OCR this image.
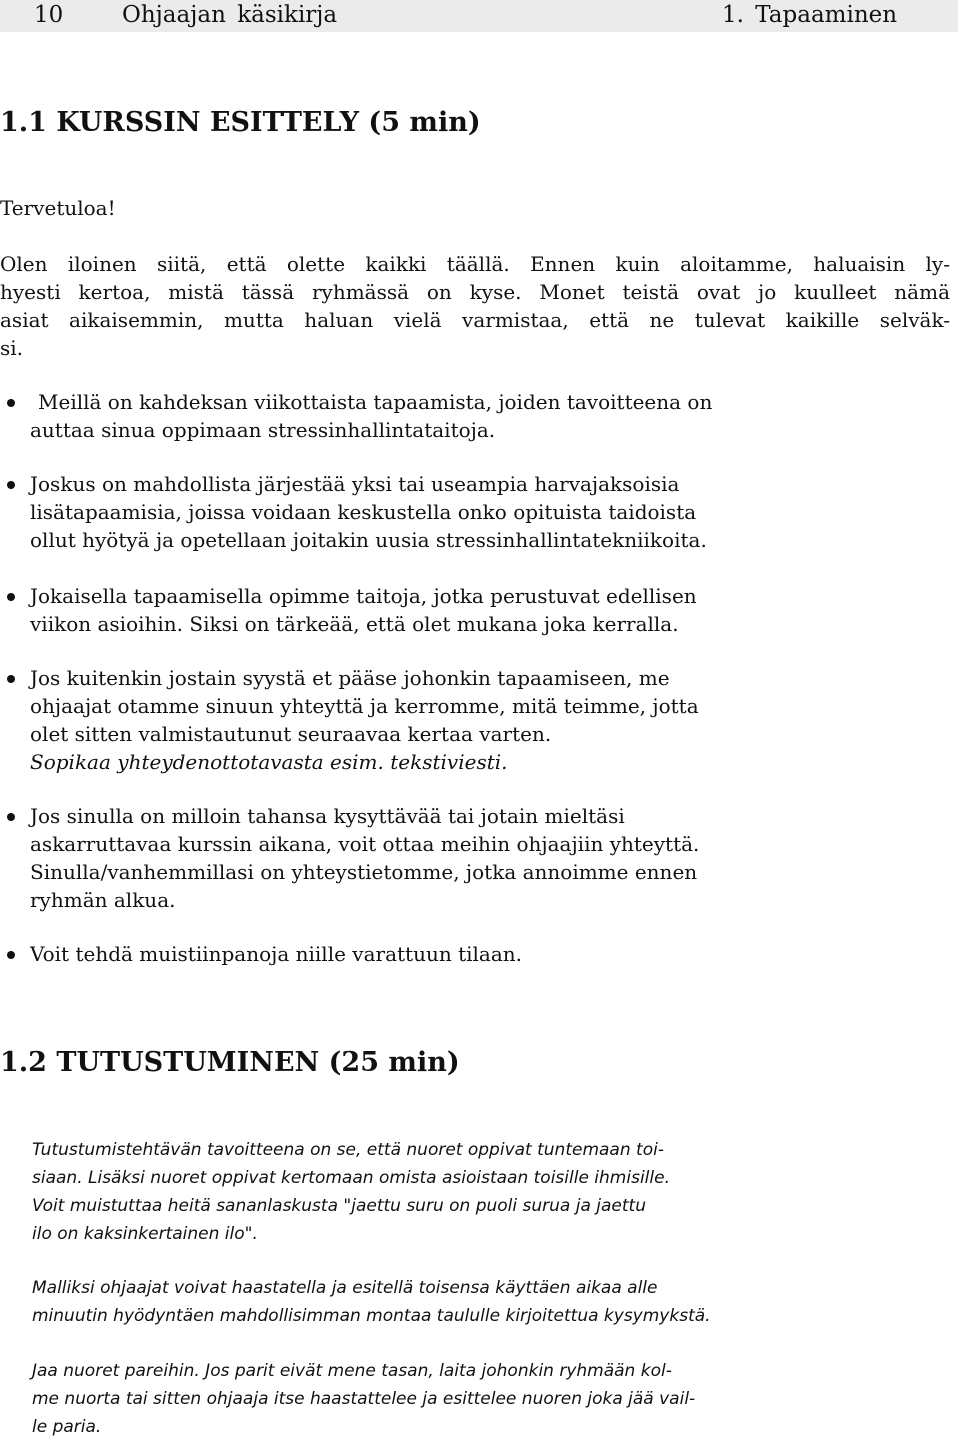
10	Ohjaajan käsikirja	1. Tapaaminen
1.1 KURSSIN ESITTELY (5 min)

Tervetuloa!

Olen iloinen siitä, että olette kaikki täällä. Ennen kuin aloitamme, haluaisin ly-
hyesti kertoa, mistä tässä ryhmässä on kyse. Monet teistä ovat jo kuulleet nämä
asiat aikaisemmin, mutta haluan vielä varmistaa, että ne tulevat kaikille selväk-
si.

Meillä on kahdeksan viikottaista tapaamista, joiden tavoitteena on
auttaa sinua oppimaan stressinhallintataitoja.
Joskus on mahdollista järjestää yksi tai useampia harvajaksoisia
lisätapaamisia, joissa voidaan keskustella onko opituista taidoista
ollut hyötyä ja opetellaan joitakin uusia stressinhallintatekniikoita.
Jokaisella tapaamisella opimme taitoja, jotka perustuvat edellisen
viikon asioihin. Siksi on tärkeää, että olet mukana joka kerralla.
Jos kuitenkin jostain syystä et pääse johonkin tapaamiseen, me
ohjaajat otamme sinuun yhteyttä ja kerromme, mitä teimme, jotta
olet sitten valmistautunut seuraavaa kertaa varten.
Sopikaa yhteydenottotavasta esim. tekstiviesti.
Jos sinulla on milloin tahansa kysyttävää tai jotain mieltäsi
askarruttavaa kurssin aikana, voit ottaa meihin ohjaajiin yhteyttä.
Sinulla/vanhemmillasi on yhteystietomme, jotka annoimme ennen
ryhmän alkua.
Voit tehdä muistiinpanoja niille varattuun tilaan.
1.2 TUTUSTUMINEN (25 min)
Tutustumistehtävän tavoitteena on se, että nuoret oppivat tuntemaan toi-
siaan. Lisäksi nuoret oppivat kertomaan omista asioistaan toisille ihmisille.
Voit muistuttaa heitä sananlaskusta "jaettu suru on puoli surua ja jaettu
ilo on kaksinkertainen ilo".
Malliksi ohjaajat voivat haastatella ja esitellä toisensa käyttäen aikaa alle
minuutin hyödyntäen mahdollisimman montaa taululle kirjoitettua kysymykstä.
Jaa nuoret pareihin. Jos parit eivät mene tasan, laita johonkin ryhmään kol-
me nuorta tai sitten ohjaaja itse haastattelee ja esittelee nuoren joka jää vail-
le paria.
